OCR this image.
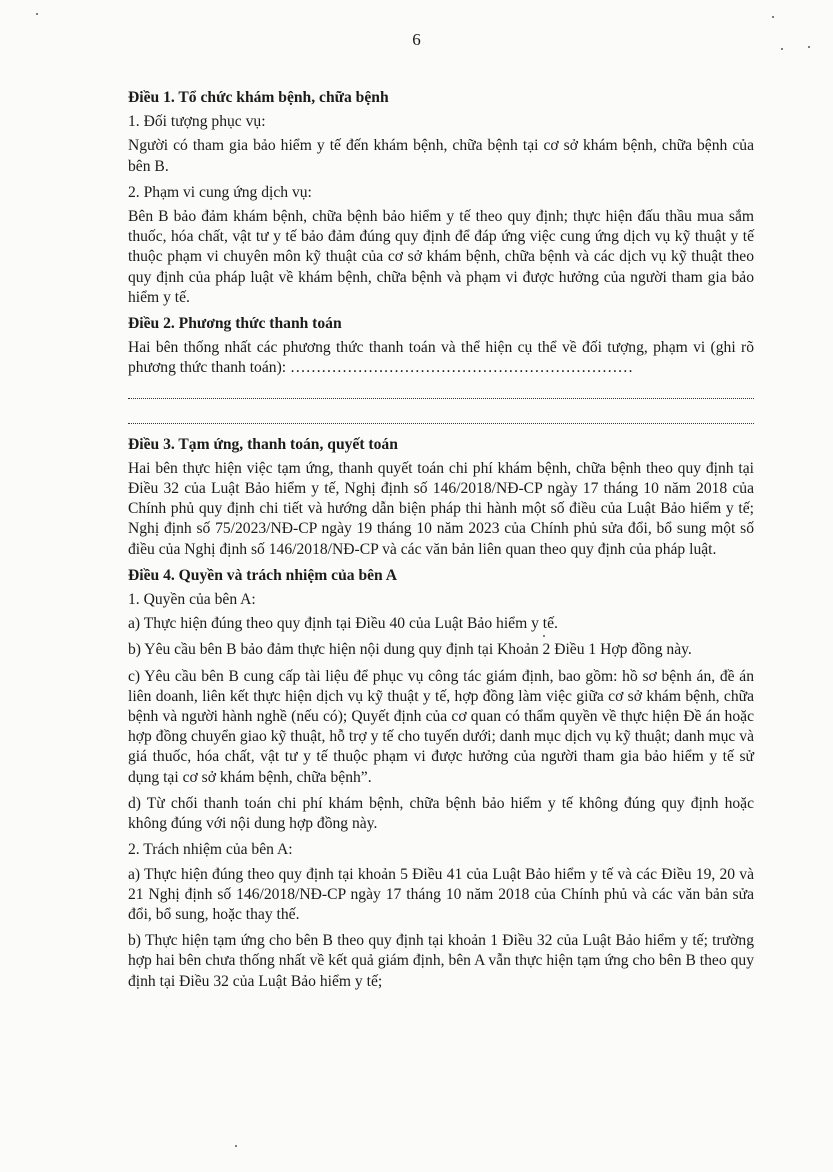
6

Điều 1. Tổ chức khám bệnh, chữa bệnh

1. Đối tượng phục vụ:

Người có tham gia bảo hiểm y tế đến khám bệnh, chữa bệnh tại cơ sở khám bệnh, chữa bệnh của bên B.

2. Phạm vi cung ứng dịch vụ:

Bên B bảo đảm khám bệnh, chữa bệnh bảo hiểm y tế theo quy định; thực hiện đấu thầu mua sắm thuốc, hóa chất, vật tư y tế bảo đảm đúng quy định để đáp ứng việc cung ứng dịch vụ kỹ thuật y tế thuộc phạm vi chuyên môn kỹ thuật của cơ sở khám bệnh, chữa bệnh và các dịch vụ kỹ thuật theo quy định của pháp luật về khám bệnh, chữa bệnh và phạm vi được hưởng của người tham gia bảo hiểm y tế.

Điều 2. Phương thức thanh toán

Hai bên thống nhất các phương thức thanh toán và thể hiện cụ thể về đối tượng, phạm vi (ghi rõ phương thức thanh toán): …………………………………………………………

Điều 3. Tạm ứng, thanh toán, quyết toán

Hai bên thực hiện việc tạm ứng, thanh quyết toán chi phí khám bệnh, chữa bệnh theo quy định tại Điều 32 của Luật Bảo hiểm y tế, Nghị định số 146/2018/NĐ-CP ngày 17 tháng 10 năm 2018 của Chính phủ quy định chi tiết và hướng dẫn biện pháp thi hành một số điều của Luật Bảo hiểm y tế; Nghị định số 75/2023/NĐ-CP ngày 19 tháng 10 năm 2023 của Chính phủ sửa đổi, bổ sung một số điều của Nghị định số 146/2018/NĐ-CP và các văn bản liên quan theo quy định của pháp luật.

Điều 4. Quyền và trách nhiệm của bên A

1. Quyền của bên A:

a) Thực hiện đúng theo quy định tại Điều 40 của Luật Bảo hiểm y tế.

b) Yêu cầu bên B bảo đảm thực hiện nội dung quy định tại Khoản 2 Điều 1 Hợp đồng này.

c) Yêu cầu bên B cung cấp tài liệu để phục vụ công tác giám định, bao gồm: hồ sơ bệnh án, đề án liên doanh, liên kết thực hiện dịch vụ kỹ thuật y tế, hợp đồng làm việc giữa cơ sở khám bệnh, chữa bệnh và người hành nghề (nếu có); Quyết định của cơ quan có thẩm quyền về thực hiện Đề án hoặc hợp đồng chuyển giao kỹ thuật, hỗ trợ y tế cho tuyến dưới; danh mục dịch vụ kỹ thuật; danh mục và giá thuốc, hóa chất, vật tư y tế thuộc phạm vi được hưởng của người tham gia bảo hiểm y tế sử dụng tại cơ sở khám bệnh, chữa bệnh”.

d) Từ chối thanh toán chi phí khám bệnh, chữa bệnh bảo hiểm y tế không đúng quy định hoặc không đúng với nội dung hợp đồng này.

2. Trách nhiệm của bên A:

a) Thực hiện đúng theo quy định tại khoản 5 Điều 41 của Luật Bảo hiểm y tế và các Điều 19, 20 và 21 Nghị định số 146/2018/NĐ-CP ngày 17 tháng 10 năm 2018 của Chính phủ và các văn bản sửa đổi, bổ sung, hoặc thay thế.

b) Thực hiện tạm ứng cho bên B theo quy định tại khoản 1 Điều 32 của Luật Bảo hiểm y tế; trường hợp hai bên chưa thống nhất về kết quả giám định, bên A vẫn thực hiện tạm ứng cho bên B theo quy định tại Điều 32 của Luật Bảo hiểm y tế;
